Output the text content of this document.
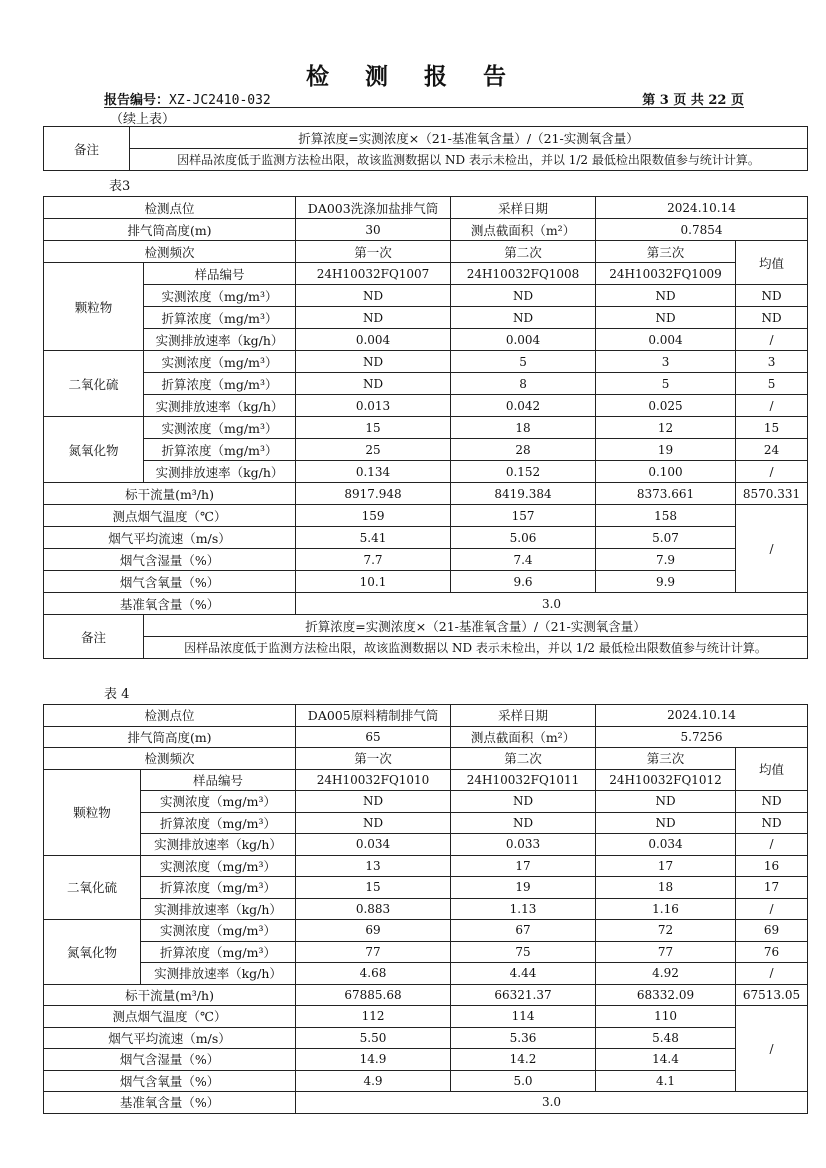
检 测 报 告
报告编号：XZ-JC2410-032	第 3 页 共 22 页
（续上表）
备注	折算浓度=实测浓度×（21-基准氧含量）/（21-实测氧含量）
因样品浓度低于监测方法检出限，故该监测数据以 ND 表示未检出，并以 1/2 最低检出限数值参与统计计算。
表3
检测点位		DA003洗涤加盐排气筒	采样日期	2024.10.14	
排气筒高度(m)		30	测点截面积（m²）	0.7854	
检测频次		第一次	第二次	第三次	均值
颗粒物	样品编号	24H10032FQ1007	24H10032FQ1008	24H10032FQ1009	
	实测浓度（mg/m³）	ND	ND	ND	ND
	折算浓度（mg/m³）	ND	ND	ND	ND
	实测排放速率（kg/h）	0.004	0.004	0.004	/
二氧化硫	实测浓度（mg/m³）	ND	5	3	3
	折算浓度（mg/m³）	ND	8	5	5
	实测排放速率（kg/h）	0.013	0.042	0.025	/
氮氧化物	实测浓度（mg/m³）	15	18	12	15
	折算浓度（mg/m³）	25	28	19	24
	实测排放速率（kg/h）	0.134	0.152	0.100	/
标干流量(m³/h)		8917.948	8419.384	8373.661	8570.331
测点烟气温度（℃）		159	157	158	/
烟气平均流速（m/s）		5.41	5.06	5.07	
烟气含湿量（%）		7.7	7.4	7.9	
烟气含氧量（%）		10.1	9.6	9.9	
基准氧含量（%）		3.0			
备注	折算浓度=实测浓度×（21-基准氧含量）/（21-实测氧含量）				
	因样品浓度低于监测方法检出限，故该监测数据以 ND 表示未检出，并以 1/2 最低检出限数值参与统计计算。				
表 4
检测点位		DA005原料精制排气筒	采样日期	2024.10.14	
排气筒高度(m)		65	测点截面积（m²）	5.7256	
检测频次		第一次	第二次	第三次	均值
颗粒物	样品编号	24H10032FQ1010	24H10032FQ1011	24H10032FQ1012	
	实测浓度（mg/m³）	ND	ND	ND	ND
	折算浓度（mg/m³）	ND	ND	ND	ND
	实测排放速率（kg/h）	0.034	0.033	0.034	/
二氧化硫	实测浓度（mg/m³）	13	17	17	16
	折算浓度（mg/m³）	15	19	18	17
	实测排放速率（kg/h）	0.883	1.13	1.16	/
氮氧化物	实测浓度（mg/m³）	69	67	72	69
	折算浓度（mg/m³）	77	75	77	76
	实测排放速率（kg/h）	4.68	4.44	4.92	/
标干流量(m³/h)		67885.68	66321.37	68332.09	67513.05
测点烟气温度（℃）		112	114	110	/
烟气平均流速（m/s）		5.50	5.36	5.48	
烟气含湿量（%）		14.9	14.2	14.4	
烟气含氧量（%）		4.9	5.0	4.1	
基准氧含量（%）		3.0			
